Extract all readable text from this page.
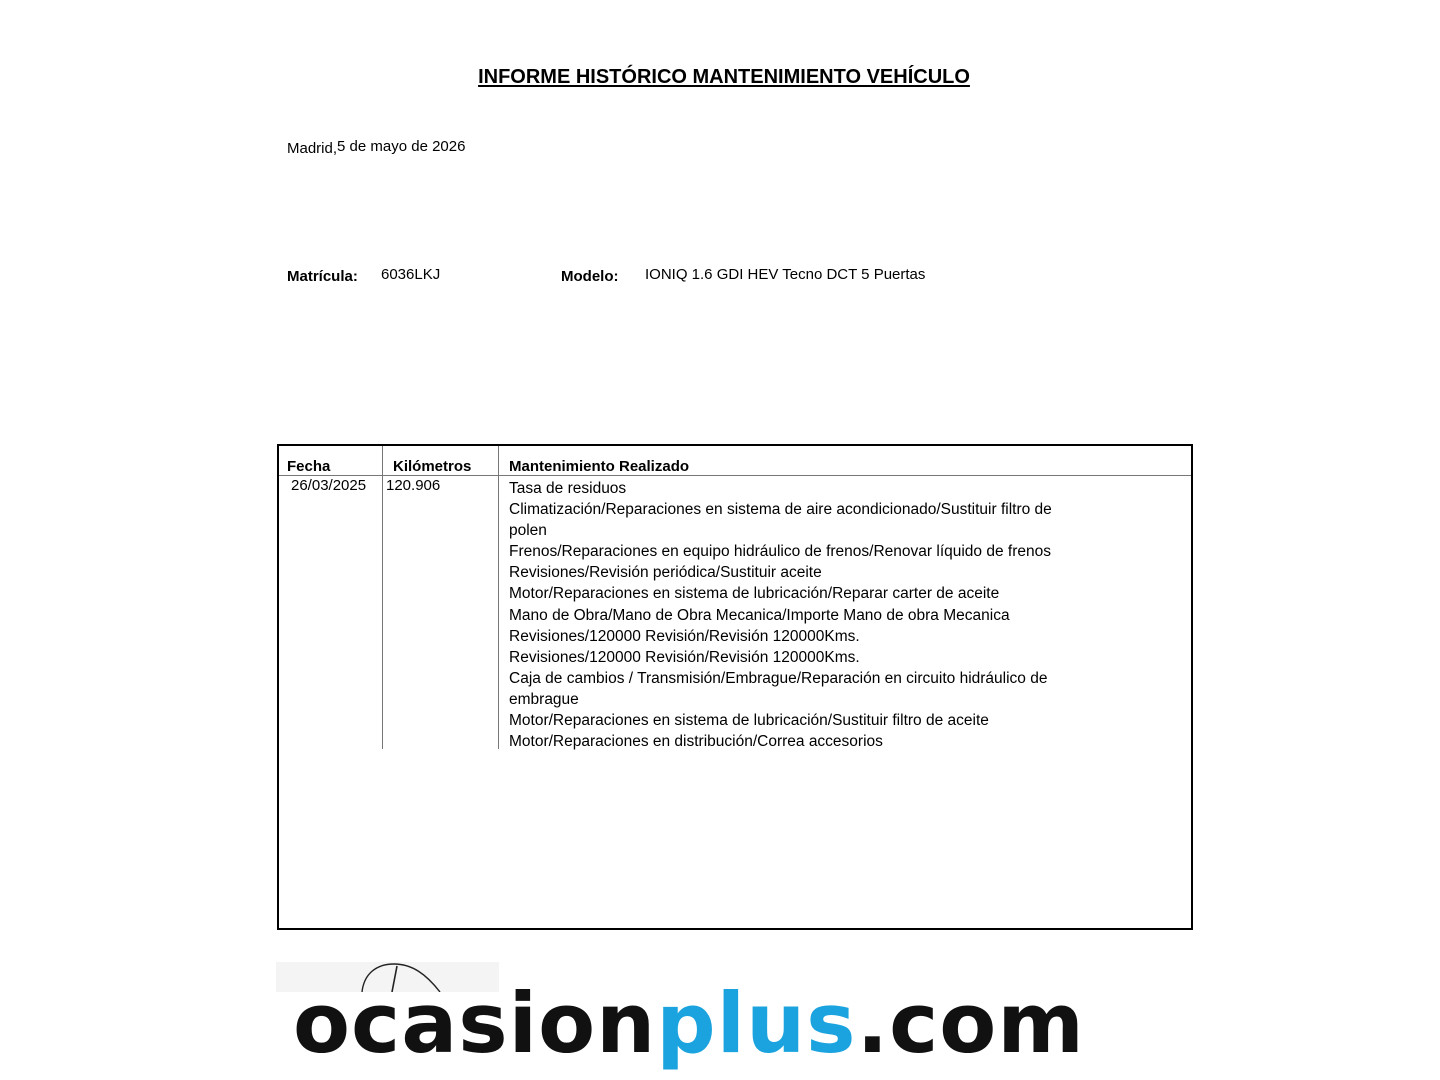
INFORME HISTÓRICO MANTENIMIENTO VEHÍCULO
Madrid,5 de mayo de 2026
Matrícula: 6036LKJ	Modelo: IONIQ 1.6 GDI HEV Tecno DCT 5 Puertas
Fecha	Kilómetros	Mantenimiento Realizado
26/03/2025 120.906	Tasa de residuos
Climatización/Reparaciones en sistema de aire acondicionado/Sustituir filtro de
polen
Frenos/Reparaciones en equipo hidráulico de frenos/Renovar líquido de frenos
Revisiones/Revisión periódica/Sustituir aceite
Motor/Reparaciones en sistema de lubricación/Reparar carter de aceite
Mano de Obra/Mano de Obra Mecanica/Importe Mano de obra Mecanica
Revisiones/120000 Revisión/Revisión 120000Kms.
Revisiones/120000 Revisión/Revisión 120000Kms.
Caja de cambios / Transmisión/Embrague/Reparación en circuito hidráulico de
embrague
Motor/Reparaciones en sistema de lubricación/Sustituir filtro de aceite
Motor/Reparaciones en distribución/Correa accesorios
ocasionplus.com
